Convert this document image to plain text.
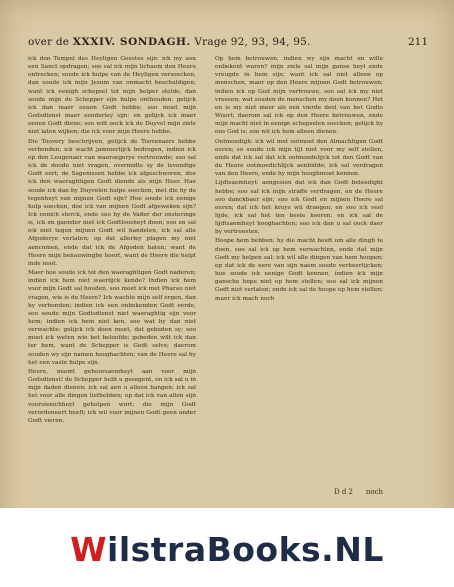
over de XXXIV. SONDAGH. Vrage 92, 93, 94, 95.	211

ick den Tempel des Heyligen Geestes sijn: ick my aen een Sanct opdragen; soo sal ick mijn lichaem den Heere ontrecken; soude ick hulpe van de Heyligen versoecken, dan soude ick mijn Jesum van onmacht beschuldigen; want ick eenigh schepsel tot mijn helper stelde, dan soude mijn de Schepper sijn hulpe onthouden: gelijck ick dan maer eenen Godt hebbe; soo moet mijn Godsdienst maer eenderley sijn: en gelijck ick maer eenen Godt diene; soo wilt oock ick de Duyvel mijn ziele niet laten wijken; die ick voor mijn Heere hebbe.

Die Toovery beschrijven, gelijck de Toovenaers hebbe verbonden; ick wacht jammerlijck bedrogen, indien ick op den Leugenaer van waersegerye vertrouwde; soo sal ick de doode niet vragen, overmidts sy de levendige Godt eert; de Sagenissen hebbe ick afgeschworen, doe ick den waeraghtigen Godt diende als mijn Heer. Hae soude ick dan by Duyvelen hulpe soecken, met die hy de tegenheyt van mijnen Godt sijn? Hoe soude ick eenige hulp soecken, doe ick van mijnen Godt afgeweken sijn? Ick eenich sterck, ende soo hy de Vader der onsteringe is, ick en gaender niet ick Godtloosheyt doen; soo en sal ick niet tegen mijnen Godt wil handelen, ick sal alle Afgoderye verlaten; op dat allerley plagen my niet aencomen, ende dat ick de Afgoden haten; want de Heere mijn benauwinghe hoort, want de Heere die helpt inde noot.

Maer hoe soude ick tot den waeraghtigen Godt naderen; indien ick hem niet waerlijck kende? Indien ick hem voor mijn Godt sal houden, soo moet ick met Pharao niet vragen, wie is de Heere? Ick wachte mijn self ergen, dan hy verbonden; indien ick een onbekenden Godt eerde, soo soude mijn Godtsdienst niet waeraghtig sijn voor hem; indien ick hem niet ken, soo wat hy dan niet verwachte: gelijck ick doen moet, dat gebeden sy; soo moet ick weten wie het beloofde; gebeden wilt ick dan ter hem, want de Schepper is Godt selve; daerom souden wy sijn namen hooghachten; van de Heere sal hy het een vaste hulpe sijn.

Heere, neemt gehoorsaemheyt aan voor mijn Godsdienst! de Schepper hebt u gesegent, en ick sal u in mijn daden dienen; ick sal aen u alleen hangen; ick sal het voor alle dingen liefhebben; op dat ick van allen sijn voorsienichheyt geholpen wort; die mijn Godt verordeneert heeft; ick wil voor mijnen Godt geen ander Godt vieren.

Op hem betrouwen, indien wy sijn macht en wille onbekent waren? mijn ziele sal mijn ganse heyl ende vreugde in hem sijn; want ick sal niet alleen op menschen, maer op den Heere mijnen Godt betrouwen; indien ick op God mijn vertrouwe, soo sal ick my niet vreesen; wat souden de menschen my doen konnen? Het en is my niet meer als een vierde deel van het Godts Woort; daerom sal ick op den Heere betrouwen, ende mijn macht niet in eenige schepselen soecken; gelijck hy ons God is; soo wil ick hem alleen dienen.

Ootmoedigh: ick wil met ootmoet den Almachtigen Godt eeren; so soude ick mijn tijt niet voor my self stellen, ende dat ick sal dat ick ootmoedelijck tot den Godt van de Heere ootmoedichlijck aenbidde; ick sal verdragen van den Heere, ende hy mijn hooghmoet kennen.

Lijdtsaemheyt: aengesien dat ick dan Godt beleedight hebbe; soo sal ick mijn straffe verdragen, en de Heere soo danckbaer sijn; soo ick Godt en mijnen Heere sal eeren; dat ick het kruys wil draegen; en soo ick veel lijde, ick sal het ten beste keeren; en ick sal de lijdtsaemheyt hooghachten; soo ick dan u sal oock daer by vertroosten.

Hoope hem hebben; hy die macht heeft om alle dingh te doen, soo sal ick op hem verwachten, ende dat mijn Godt my helpen sal: ick wil alle dingen van hem hoopen; op dat ick de eere van sijn naem soude verheerlijcken; hoe soude ick eenige Godt kennen, indien ick mijn gansche hope niet op hem stellen; soo sal ick mijnen Godt niet verlaten; ende ick sal de hoope op hem stellen; maer ick mach noch

D d 2 noch
WilstraBooks.NL
